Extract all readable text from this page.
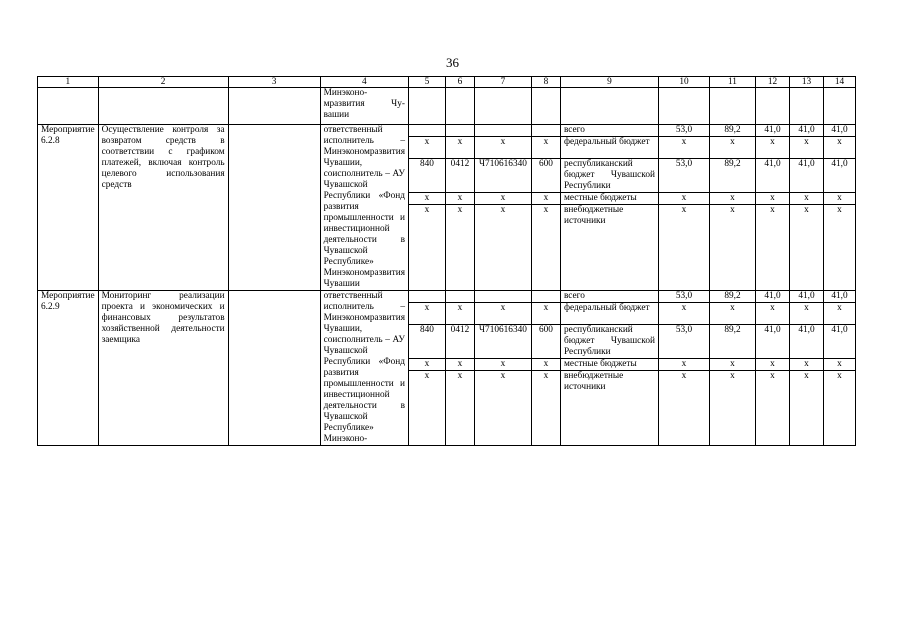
36
1	2	3	4	5	6	7	8	9	10	11	12	13	14
			Минэконо-мразвития Чу-вашии										
Мероприятие 6.2.8	Осуществление контроля за возвратом средств в соответствии с графиком платежей, включая контроль целевого использования средств		ответственный исполнитель – Минэкономразвития Чувашии, соисполнитель – АУ Чувашской Республики «Фонд развития промышленности и инвестиционной деятельности в Чувашской Республике» Минэкономразвития Чувашии					всего	53,0	89,2	41,0	41,0	41,0
				x	x	x	x	федеральный бюджет	x	x	x	x	x
				840	0412	Ч710616340	600	республиканский бюджет Чувашской Республики	53,0	89,2	41,0	41,0	41,0
				x	x	x	x	местные бюджеты	x	x	x	x	x
				x	x	x	x	внебюджетные источники	x	x	x	x	x
Мероприятие 6.2.9	Мониторинг реализации проекта и экономических и финансовых результатов хозяйственной деятельности заемщика		ответственный исполнитель – Минэкономразвития Чувашии, соисполнитель – АУ Чувашской Республики «Фонд развития промышленности и инвестиционной деятельности в Чувашской Республике» Минэконо-					всего	53,0	89,2	41,0	41,0	41,0
				x	x	x	x	федеральный бюджет	x	x	x	x	x
				840	0412	Ч710616340	600	республиканский бюджет Чувашской Республики	53,0	89,2	41,0	41,0	41,0
				x	x	x	x	местные бюджеты	x	x	x	x	x
				x	x	x	x	внебюджетные источники	x	x	x	x	x
